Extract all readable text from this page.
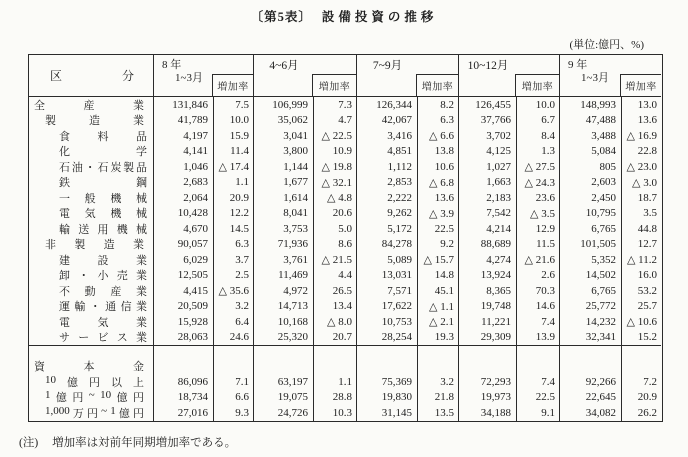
〔第5表〕 設備投資の推移
(単位:億円、%)
区	分
8 年
1~3月
増加率
4~6月
増加率
7~9月
増加率
10~12月
増加率
9 年
1~3月
増加率
全	産	業	131,846	7.5	106,999	7.3	126,344	8.2	126,455	10.0	148,993	13.0
製	造	業	41,789	10.0	35,062	4.7	42,067	6.3	37,766	6.7	47,488	13.6
食	料	品	4,197	15.9	3,041	△ 22.5	3,416	△ 6.6	3,702	8.4	3,488 △ 16.9
化	学	4,141	11.4	3,800	10.9	4,851	13.8	4,125	1.3	5,084	22.8
石 油 ・ 石 炭 製 品	1,046 △ 17.4	1,144	△ 19.8	1,112	10.6	1,027	△ 27.5	805 △ 23.0
鉄	鋼	2,683	1.1	1,677	△ 32.1	2,853	△ 6.8	1,663	△ 24.3	2,603	△ 3.0
一 般 機 械	2,064	20.9	1,614	△ 4.8	2,222	13.6	2,183	23.6	2,450	18.7
電 気 機 械	10,428	12.2	8,041	20.6	9,262	△ 3.9	7,542	△ 3.5	10,795	3.5
輸 送 用 機 械	4,670	14.5	3,753	5.0	5,172	22.5	4,214	12.9	6,765	44.8
非 製 造 業	90,057	6.3	71,936	8.6	84,278	9.2	88,689	11.5	101,505	12.7
建	設	業	6,029	3.7	3,761	△ 21.5	5,089	△ 15.7	4,274	△ 21.6	5,352 △ 11.2
卸 ・ 小 売 業	12,505	2.5	11,469	4.4	13,031	14.8	13,924	2.6	14,502	16.0
不 動 産 業	4,415 △ 35.6	4,972	26.5	7,571	45.1	8,365	70.3	6,765	53.2
運 輸 ・ 通 信 業	20,509	3.2	14,713	13.4	17,622	△ 1.1	19,748	14.6	25,772	25.7
電	気	業	15,928	6.4	10,168	△ 8.0	10,753	△ 2.1	11,221	7.4	14,232 △ 10.6
サ ー ビ ス 業	28,063	24.6	25,320	20.7	28,254	19.3	29,309	13.9	32,341	15.2
資	本	金
10 億 円 以 上	86,096	7.1	63,197	1.1	75,369	3.2	72,293	7.4	92,266	7.2
1 億 円 ~ 10 億 円	18,734	6.6	19,075	28.8	19,830	21.8	19,973	22.5	22,645	20.9
1,000 万 円 ~ 1 億 円	27,016	9.3	24,726	10.3	31,145	13.5	34,188	9.1	34,082	26.2
(注) 増加率は対前年同期増加率である。
